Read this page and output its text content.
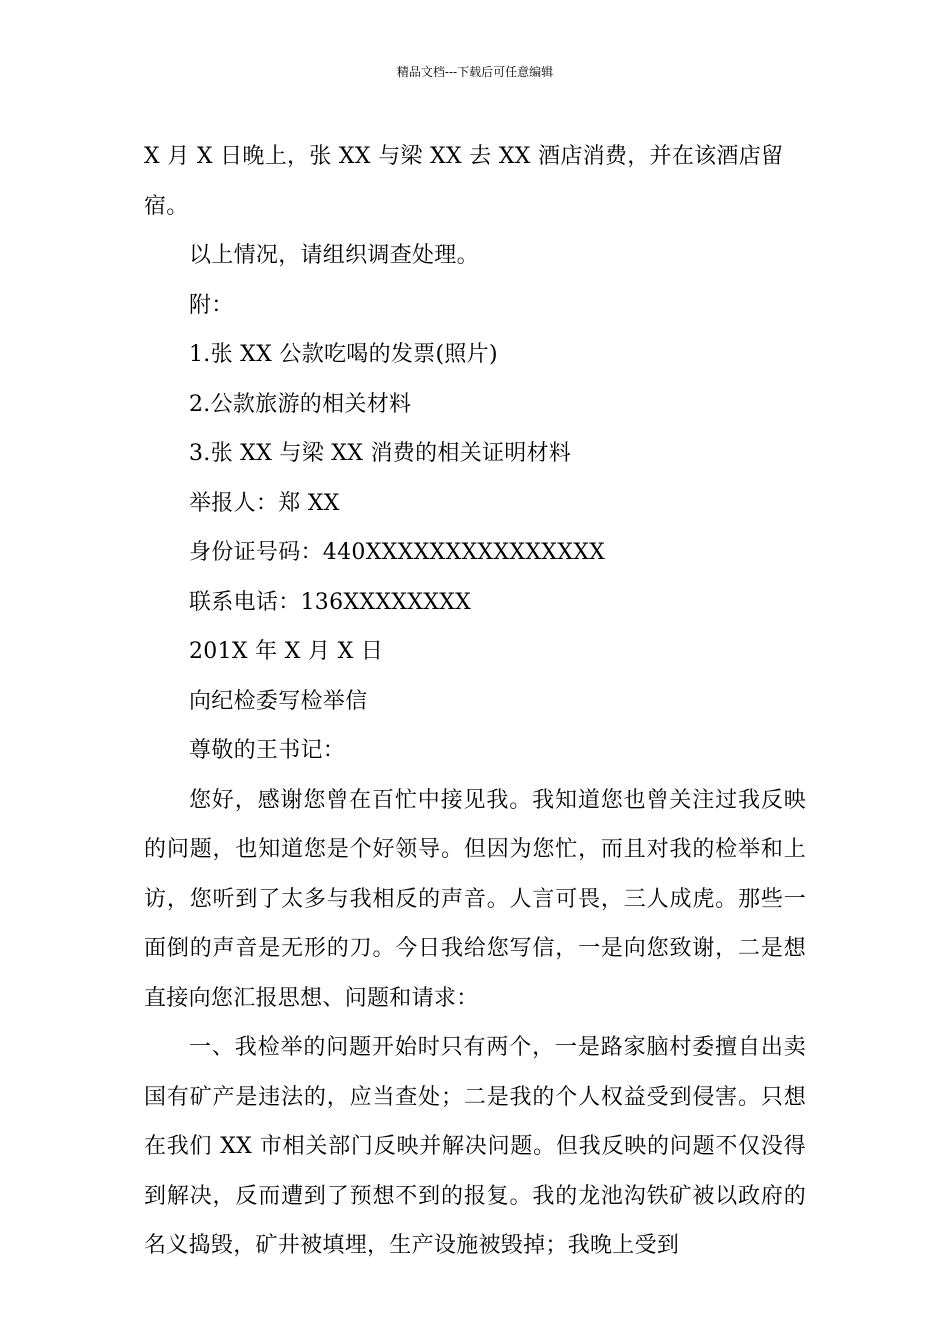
精品文档---下载后可任意编辑

X 月 X 日晚上，张 XX 与梁 XX 去 XX 酒店消费，并在该酒店留宿。

以上情况，请组织调查处理。

附：

1.张 XX 公款吃喝的发票(照片)

2.公款旅游的相关材料

3.张 XX 与梁 XX 消费的相关证明材料

举报人：郑 XX

身份证号码：440XXXXXXXXXXXXXXX

联系电话：136XXXXXXXX

201X 年 X 月 X 日

向纪检委写检举信

尊敬的王书记：

您好，感谢您曾在百忙中接见我。我知道您也曾关注过我反映的问题，也知道您是个好领导。但因为您忙，而且对我的检举和上访，您听到了太多与我相反的声音。人言可畏，三人成虎。那些一面倒的声音是无形的刀。今日我给您写信，一是向您致谢，二是想直接向您汇报思想、问题和请求：

一、我检举的问题开始时只有两个，一是路家脑村委擅自出卖国有矿产是违法的，应当查处；二是我的个人权益受到侵害。只想在我们 XX 市相关部门反映并解决问题。但我反映的问题不仅没得到解决，反而遭到了预想不到的报复。我的龙池沟铁矿被以政府的名义捣毁，矿井被填埋，生产设施被毁掉；我晚上受到
